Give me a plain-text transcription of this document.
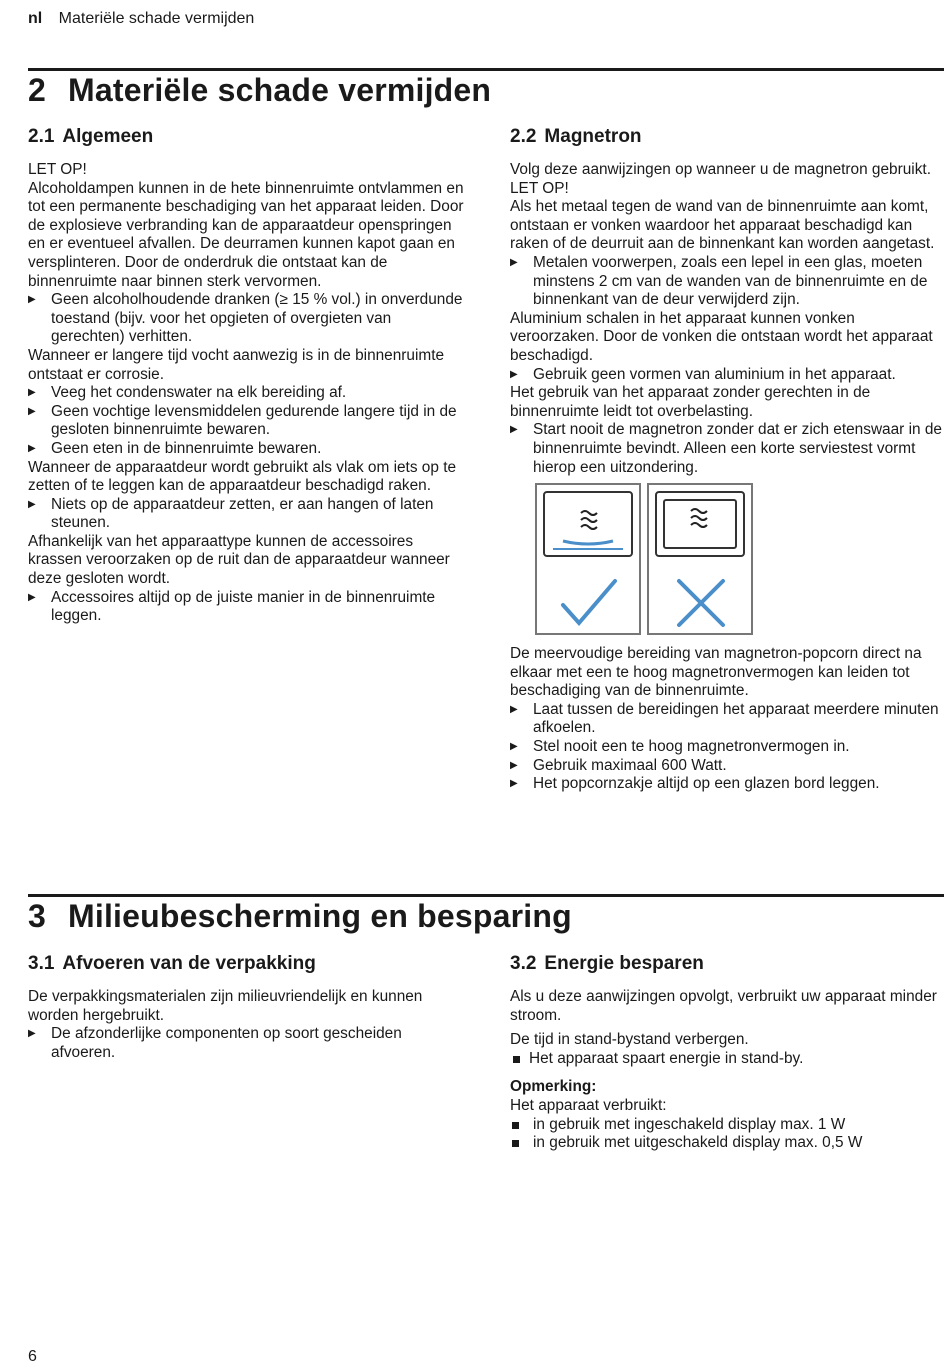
nl Materiële schade vermijden
2 Materiële schade vermijden
2.1 Algemeen

LET OP!

Alcoholdampen kunnen in de hete binnenruimte ontvlammen en tot een permanente beschadiging van het apparaat leiden. Door de explosieve verbranding kan de apparaatdeur openspringen en er eventueel afvallen. De deurramen kunnen kapot gaan en versplinteren. Door de onderdruk die ontstaat kan de binnenruimte naar binnen sterk vervormen.

▶ Geen alcoholhoudende dranken (≥ 15 % vol.) in onverdunde toestand (bijv. voor het opgieten of overgieten van gerechten) verhitten.

Wanneer er langere tijd vocht aanwezig is in de binnenruimte ontstaat er corrosie.

▶ Veeg het condenswater na elk bereiding af.
▶ Geen vochtige levensmiddelen gedurende langere tijd in de gesloten binnenruimte bewaren.
▶ Geen eten in de binnenruimte bewaren.

Wanneer de apparaatdeur wordt gebruikt als vlak om iets op te zetten of te leggen kan de apparaatdeur beschadigd raken.

▶ Niets op de apparaatdeur zetten, er aan hangen of laten steunen.

Afhankelijk van het apparaattype kunnen de accessoires krassen veroorzaken op de ruit dan de apparaatdeur wanneer deze gesloten wordt.

▶ Accessoires altijd op de juiste manier in de binnenruimte leggen.
2.2 Magnetron

Volg deze aanwijzingen op wanneer u de magnetron gebruikt.

LET OP!

Als het metaal tegen de wand van de binnenruimte aan komt, ontstaan er vonken waardoor het apparaat beschadigd kan raken of de deurruit aan de binnenkant kan worden aangetast.

▶ Metalen voorwerpen, zoals een lepel in een glas, moeten minstens 2 cm van de wanden van de binnenruimte en de binnenkant van de deur verwijderd zijn.

Aluminium schalen in het apparaat kunnen vonken veroorzaken. Door de vonken die ontstaan wordt het apparaat beschadigd.

▶ Gebruik geen vormen van aluminium in het apparaat.

Het gebruik van het apparaat zonder gerechten in de binnenruimte leidt tot overbelasting.

▶ Start nooit de magnetron zonder dat er zich etenswaar in de binnenruimte bevindt. Alleen een korte serviestest vormt hierop een uitzondering.

De meervoudige bereiding van magnetron-popcorn direct na elkaar met een te hoog magnetronvermogen kan leiden tot beschadiging van de binnenruimte.

▶ Laat tussen de bereidingen het apparaat meerdere minuten afkoelen.
▶ Stel nooit een te hoog magnetronvermogen in.
▶ Gebruik maximaal 600 Watt.
▶ Het popcornzakje altijd op een glazen bord leggen.
3 Milieubescherming en besparing
3.1 Afvoeren van de verpakking

De verpakkingsmaterialen zijn milieuvriendelijk en kunnen worden hergebruikt.

▶ De afzonderlijke componenten op soort gescheiden afvoeren.
3.2 Energie besparen

Als u deze aanwijzingen opvolgt, verbruikt uw apparaat minder stroom.

De tijd in stand-bystand verbergen.

Het apparaat spaart energie in stand-by.

Opmerking:

Het apparaat verbruikt:

in gebruik met ingeschakeld display max. 1 W
in gebruik met uitgeschakeld display max. 0,5 W
6
